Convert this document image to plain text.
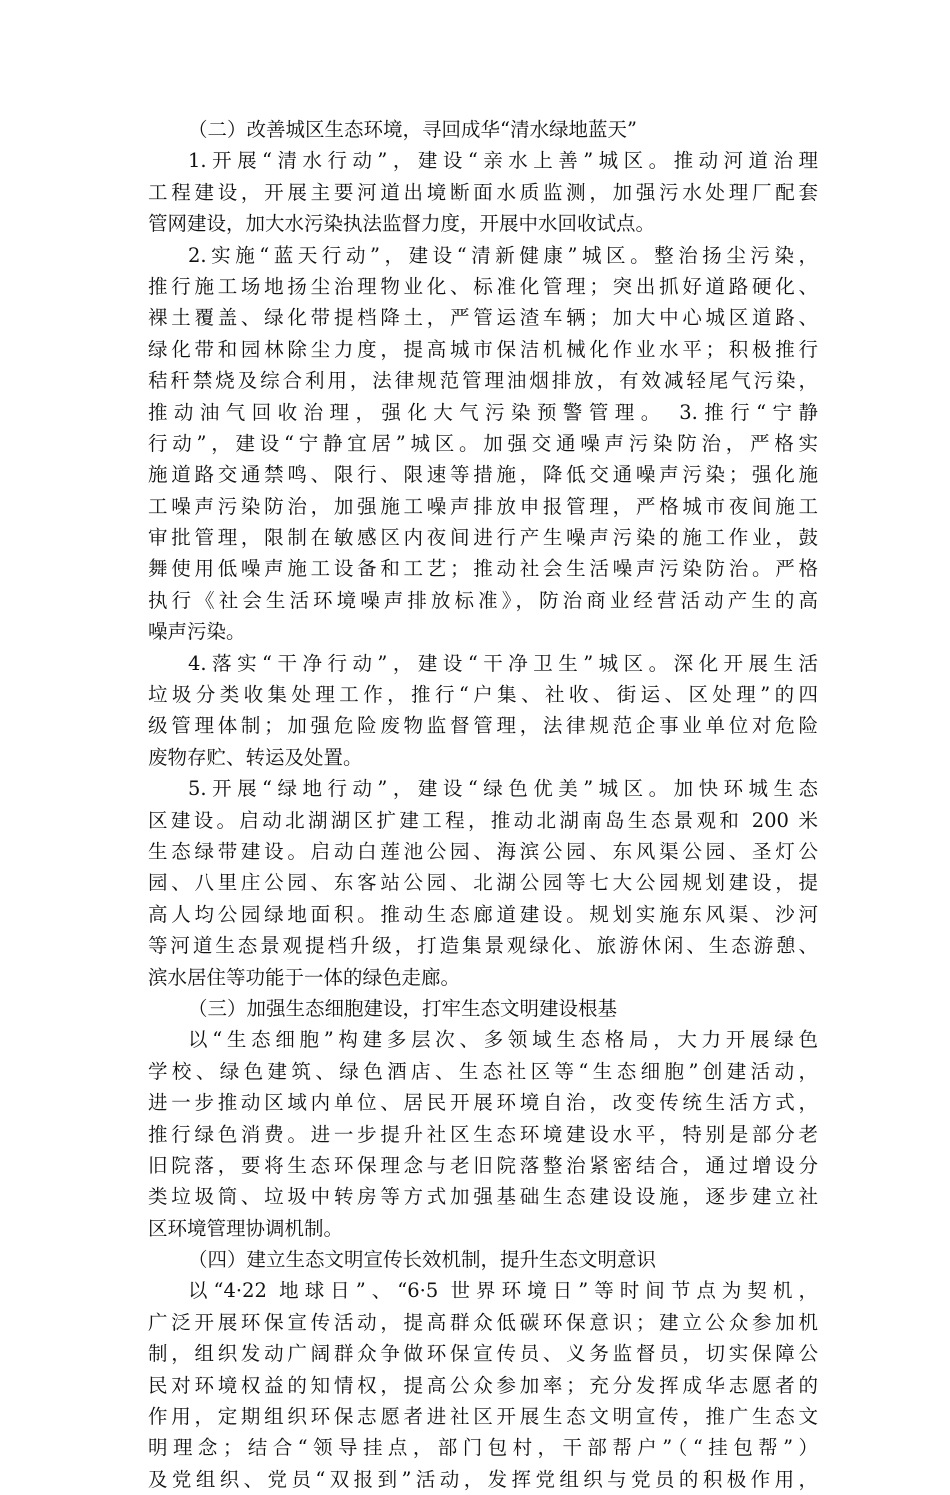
（二）改善城区生态环境，寻回成华“清水绿地蓝天”
1.开展“清水行动”，建设“亲水上善”城区。推动河道治理
工程建设，开展主要河道出境断面水质监测，加强污水处理厂配套
管网建设，加大水污染执法监督力度，开展中水回收试点。
2.实施“蓝天行动”，建设“清新健康”城区。整治扬尘污染，
推行施工场地扬尘治理物业化、标准化管理；突出抓好道路硬化、
裸土覆盖、绿化带提档降土，严管运渣车辆；加大中心城区道路、
绿化带和园林除尘力度，提高城市保洁机械化作业水平；积极推行
秸秆禁烧及综合利用，法律规范管理油烟排放，有效减轻尾气污染，
推动油气回收治理，强化大气污染预警管理。 3.推行“宁静
行动”，建设“宁静宜居”城区。加强交通噪声污染防治，严格实
施道路交通禁鸣、限行、限速等措施，降低交通噪声污染；强化施
工噪声污染防治，加强施工噪声排放申报管理，严格城市夜间施工
审批管理，限制在敏感区内夜间进行产生噪声污染的施工作业，鼓
舞使用低噪声施工设备和工艺；推动社会生活噪声污染防治。严格
执行《社会生活环境噪声排放标准》，防治商业经营活动产生的高
噪声污染。
4.落实“干净行动”，建设“干净卫生”城区。深化开展生活
垃圾分类收集处理工作，推行“户集、社收、街运、区处理”的四
级管理体制；加强危险废物监督管理，法律规范企事业单位对危险
废物存贮、转运及处置。
5.开展“绿地行动”，建设“绿色优美”城区。加快环城生态
区建设。启动北湖湖区扩建工程，推动北湖南岛生态景观和 200 米
生态绿带建设。启动白莲池公园、海滨公园、东风渠公园、圣灯公
园、八里庄公园、东客站公园、北湖公园等七大公园规划建设，提
高人均公园绿地面积。推动生态廊道建设。规划实施东风渠、沙河
等河道生态景观提档升级，打造集景观绿化、旅游休闲、生态游憩、
滨水居住等功能于一体的绿色走廊。
（三）加强生态细胞建设，打牢生态文明建设根基
以“生态细胞”构建多层次、多领域生态格局，大力开展绿色
学校、绿色建筑、绿色酒店、生态社区等“生态细胞”创建活动，
进一步推动区域内单位、居民开展环境自治，改变传统生活方式，
推行绿色消费。进一步提升社区生态环境建设水平，特别是部分老
旧院落，要将生态环保理念与老旧院落整治紧密结合，通过增设分
类垃圾筒、垃圾中转房等方式加强基础生态建设设施，逐步建立社
区环境管理协调机制。
（四）建立生态文明宣传长效机制，提升生态文明意识
以“4·22 地球日”、“6·5 世界环境日”等时间节点为契机，
广泛开展环保宣传活动，提高群众低碳环保意识；建立公众参加机
制，组织发动广阔群众争做环保宣传员、义务监督员，切实保障公
民对环境权益的知情权，提高公众参加率；充分发挥成华志愿者的
作用，定期组织环保志愿者进社区开展生态文明宣传，推广生态文
明理念；结合“领导挂点，部门包村，干部帮户”（“挂包帮”）
及党组织、党员“双报到”活动，发挥党组织与党员的积极作用，
